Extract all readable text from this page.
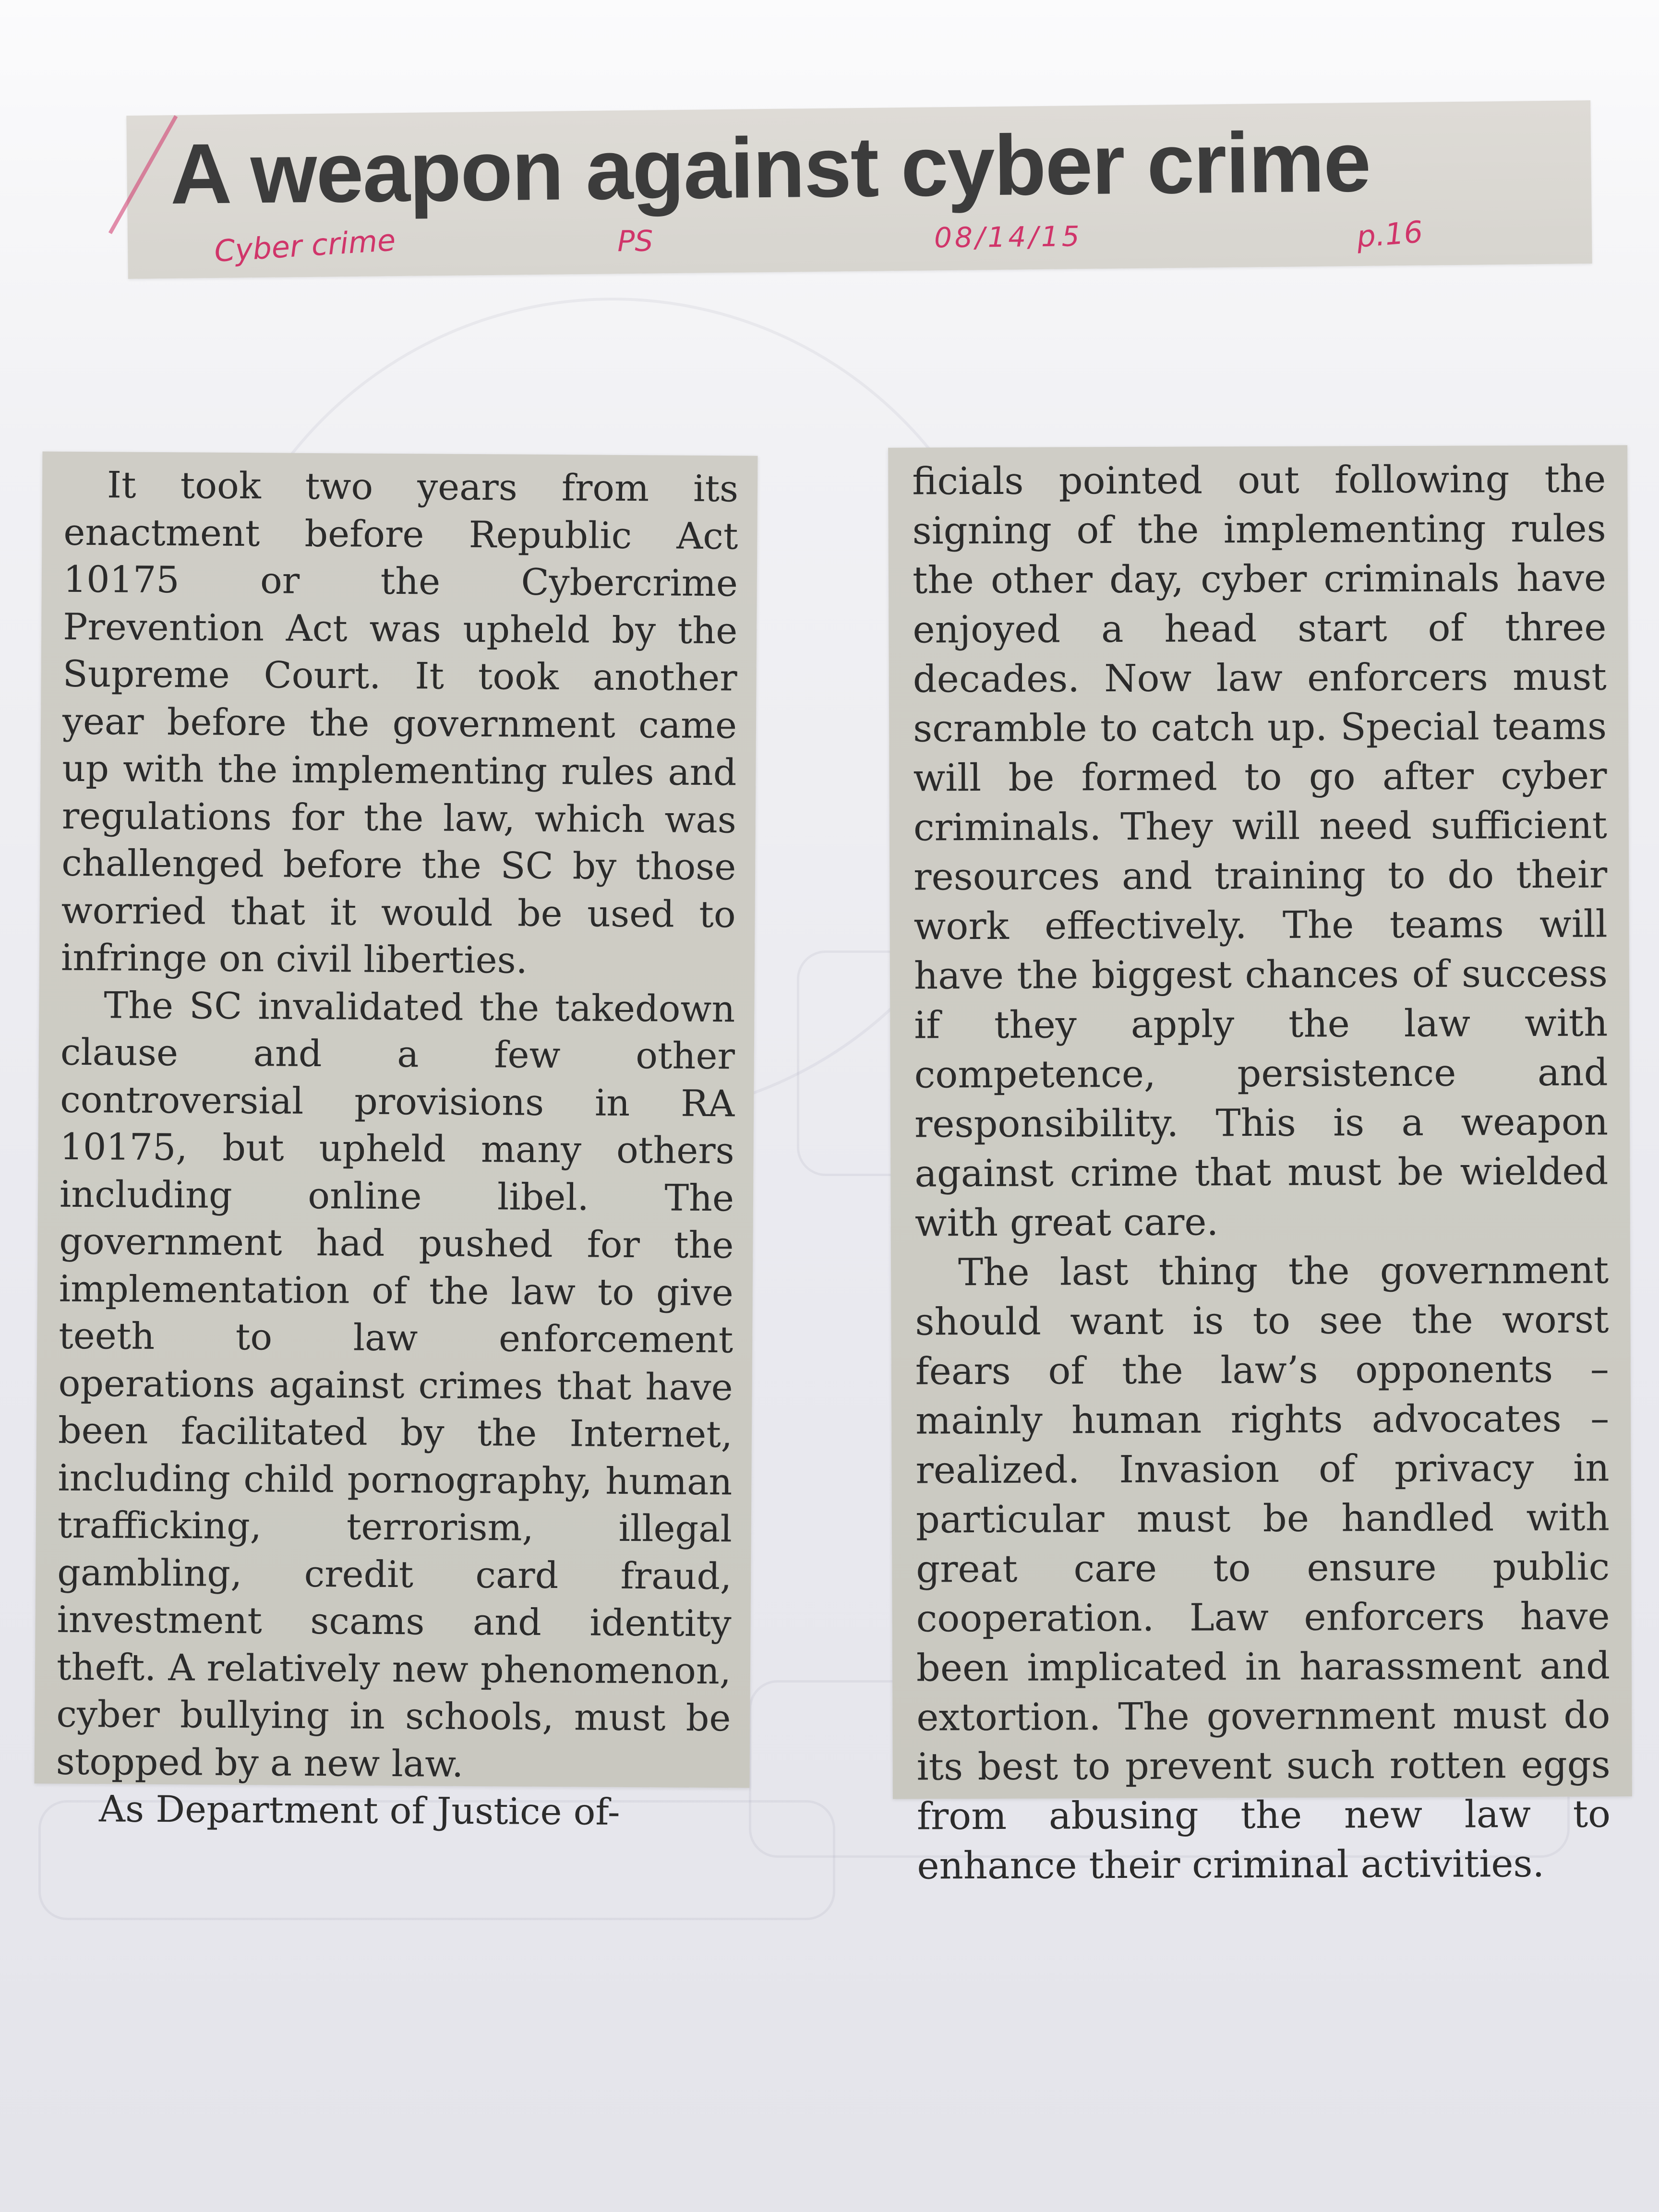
A weapon against cyber crime
Cyber crime	PS	08/14/15	p.16

It took two years from its enactment before Republic Act 10175 or the Cybercrime Prevention Act was upheld by the Supreme Court. It took another year before the government came up with the implementing rules and regulations for the law, which was challenged before the SC by those worried that it would be used to infringe on civil liberties.

The SC invalidated the takedown clause and a few other controversial provisions in RA 10175, but upheld many others including online libel. The government had pushed for the implementation of the law to give teeth to law enforcement operations against crimes that have been facilitated by the Internet, including child pornography, human trafficking, terrorism, illegal gambling, credit card fraud, investment scams and identity theft. A relatively new phenomenon, cyber bullying in schools, must be stopped by a new law.

As Department of Justice of-

ficials pointed out following the signing of the implementing rules the other day, cyber criminals have enjoyed a head start of three decades. Now law enforcers must scramble to catch up. Special teams will be formed to go after cyber criminals. They will need sufficient resources and training to do their work effectively. The teams will have the biggest chances of success if they apply the law with competence, persistence and responsibility. This is a weapon against crime that must be wielded with great care.

The last thing the government should want is to see the worst fears of the law’s opponents – mainly human rights advocates – realized. Invasion of privacy in particular must be handled with great care to ensure public cooperation. Law enforcers have been implicated in harassment and extortion. The government must do its best to prevent such rotten eggs from abusing the new law to enhance their criminal activities.
